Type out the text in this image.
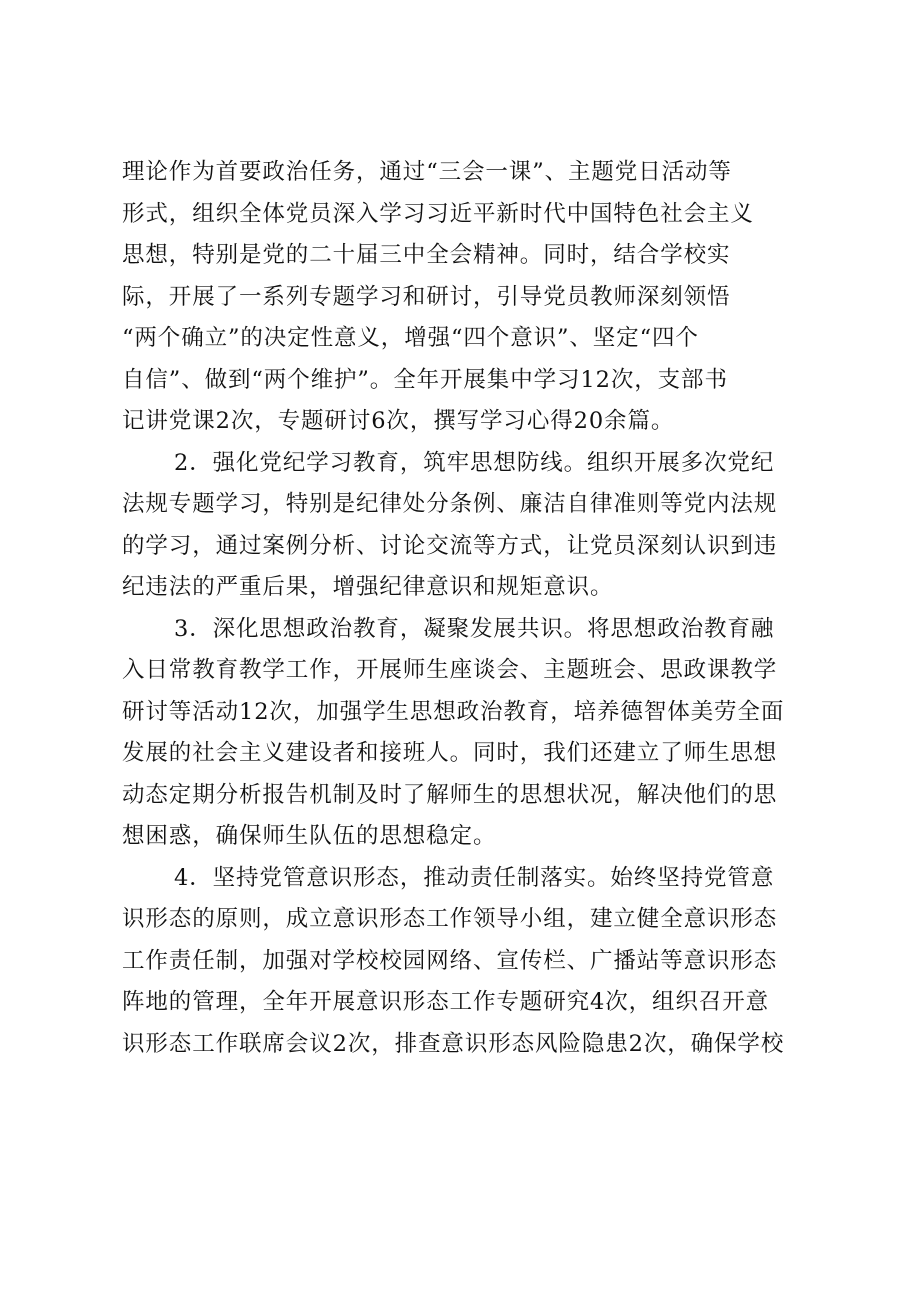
理论作为首要政治任务，通过“三会一课”、主题党日活动等
形式，组织全体党员深入学习习近平新时代中国特色社会主义
思想，特别是党的二十届三中全会精神。同时，结合学校实
际，开展了一系列专题学习和研讨，引导党员教师深刻领悟
“两个确立”的决定性意义，增强“四个意识”、坚定“四个
自信”、做到“两个维护”。全年开展集中学习12次，支部书
记讲党课2次，专题研讨6次，撰写学习心得20余篇。
2．强化党纪学习教育，筑牢思想防线。组织开展多次党纪
法规专题学习，特别是纪律处分条例、廉洁自律准则等党内法规
的学习，通过案例分析、讨论交流等方式，让党员深刻认识到违
纪违法的严重后果，增强纪律意识和规矩意识。
3．深化思想政治教育，凝聚发展共识。将思想政治教育融
入日常教育教学工作，开展师生座谈会、主题班会、思政课教学
研讨等活动12次，加强学生思想政治教育，培养德智体美劳全面
发展的社会主义建设者和接班人。同时，我们还建立了师生思想
动态定期分析报告机制及时了解师生的思想状况，解决他们的思
想困惑，确保师生队伍的思想稳定。
4．坚持党管意识形态，推动责任制落实。始终坚持党管意
识形态的原则，成立意识形态工作领导小组，建立健全意识形态
工作责任制，加强对学校校园网络、宣传栏、广播站等意识形态
阵地的管理，全年开展意识形态工作专题研究4次，组织召开意
识形态工作联席会议2次，排查意识形态风险隐患2次，确保学校
